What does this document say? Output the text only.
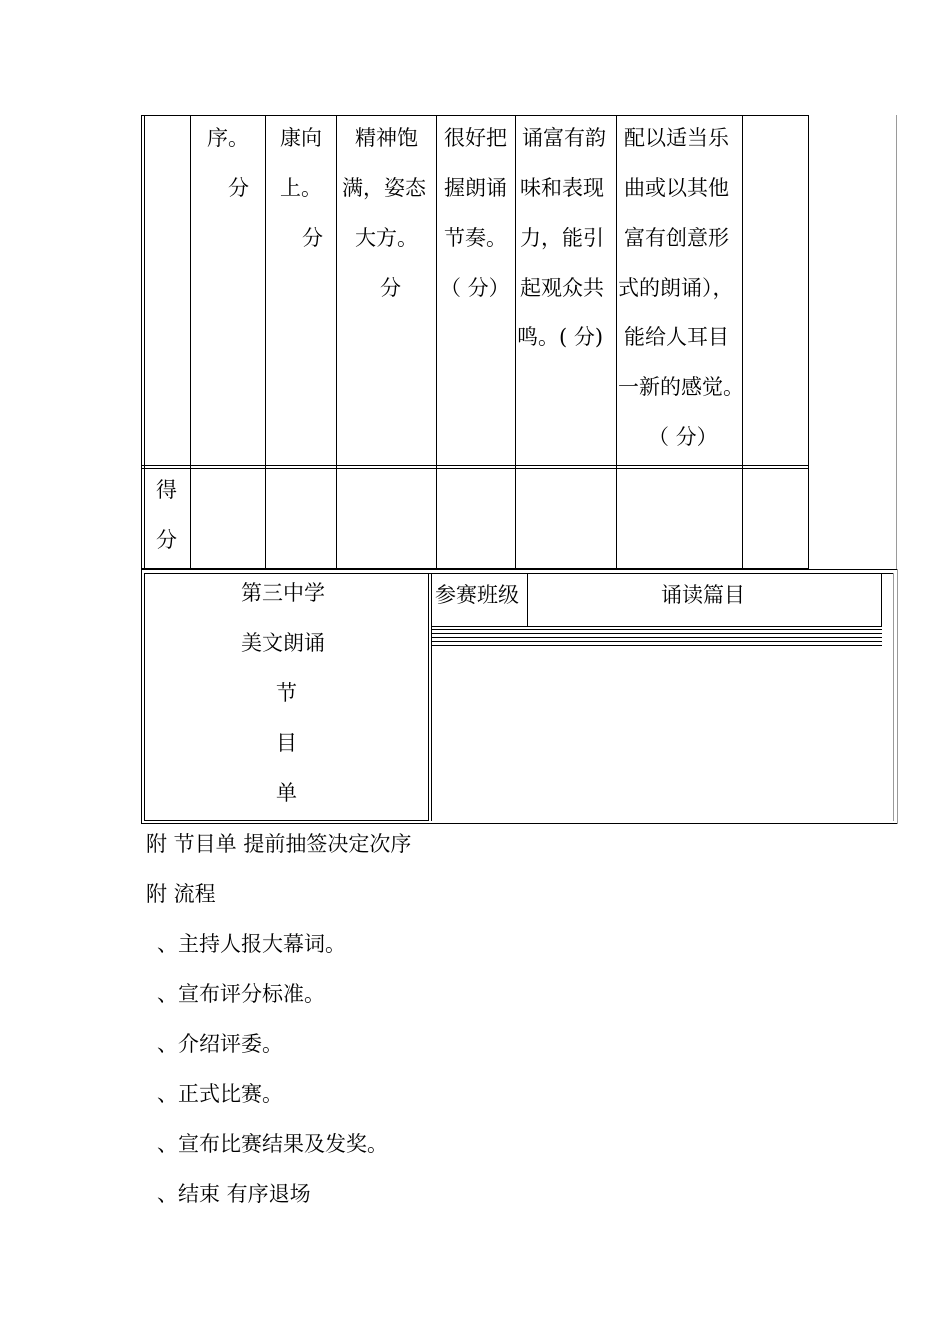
序。
分
康向
上。
分
精神饱
满，姿态
大方。
分
很好把
握朗诵
节奏。
（ 分）
诵富有韵
味和表现
力，能引
起观众共
鸣。( 分)
配以适当乐
曲或以其他
富有创意形
式的朗诵），
能给人耳目
一新的感觉。
（ 分）
得
分
第三中学
美文朗诵
节
目
单
参赛班级	诵读篇目
附 节目单 提前抽签决定次序
附 流程
、主持人报大幕词。
、宣布评分标准。
、介绍评委。
、正式比赛。
、宣布比赛结果及发奖。
、结束 有序退场
